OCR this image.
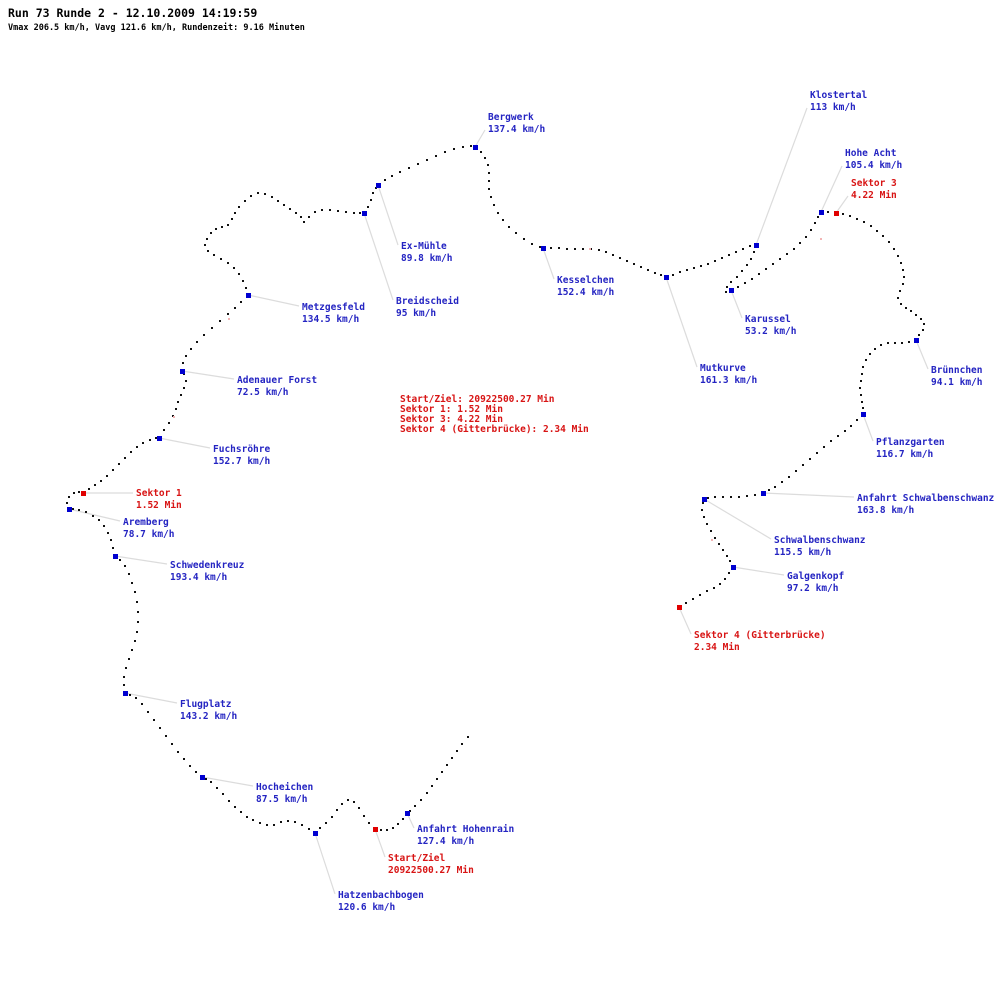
Run 73 Runde 2 - 12.10.2009 14:19:59
Vmax 206.5 km/h, Vavg 121.6 km/h, Rundenzeit: 9.16 Minuten
Bergwerk
137.4 km/h
Klostertal
113 km/h
Hohe Acht
105.4 km/h
Sektor 3
4.22 Min
Ex-Mühle
89.8 km/h
Kesselchen
152.4 km/h
Metzgesfeld
134.5 km/h
Breidscheid
95 km/h
Karussel
53.2 km/h
Adenauer Forst
72.5 km/h
Mutkurve
161.3 km/h
Brünnchen
94.1 km/h
Fuchsröhre
152.7 km/h
Pflanzgarten
116.7 km/h
Sektor 1
1.52 Min
Aremberg
78.7 km/h
Anfahrt Schwalbenschwanz
163.8 km/h
Schwedenkreuz
193.4 km/h
Schwalbenschwanz
115.5 km/h
Galgenkopf
97.2 km/h
Sektor 4 (Gitterbrücke)
2.34 Min
Flugplatz
143.2 km/h
Hocheichen
87.5 km/h
Anfahrt Hohenrain
127.4 km/h
Start/Ziel
20922500.27 Min
Hatzenbachbogen
120.6 km/h
Start/Ziel: 20922500.27 Min
Sektor 1: 1.52 Min
Sektor 3: 4.22 Min
Sektor 4 (Gitterbrücke): 2.34 Min
